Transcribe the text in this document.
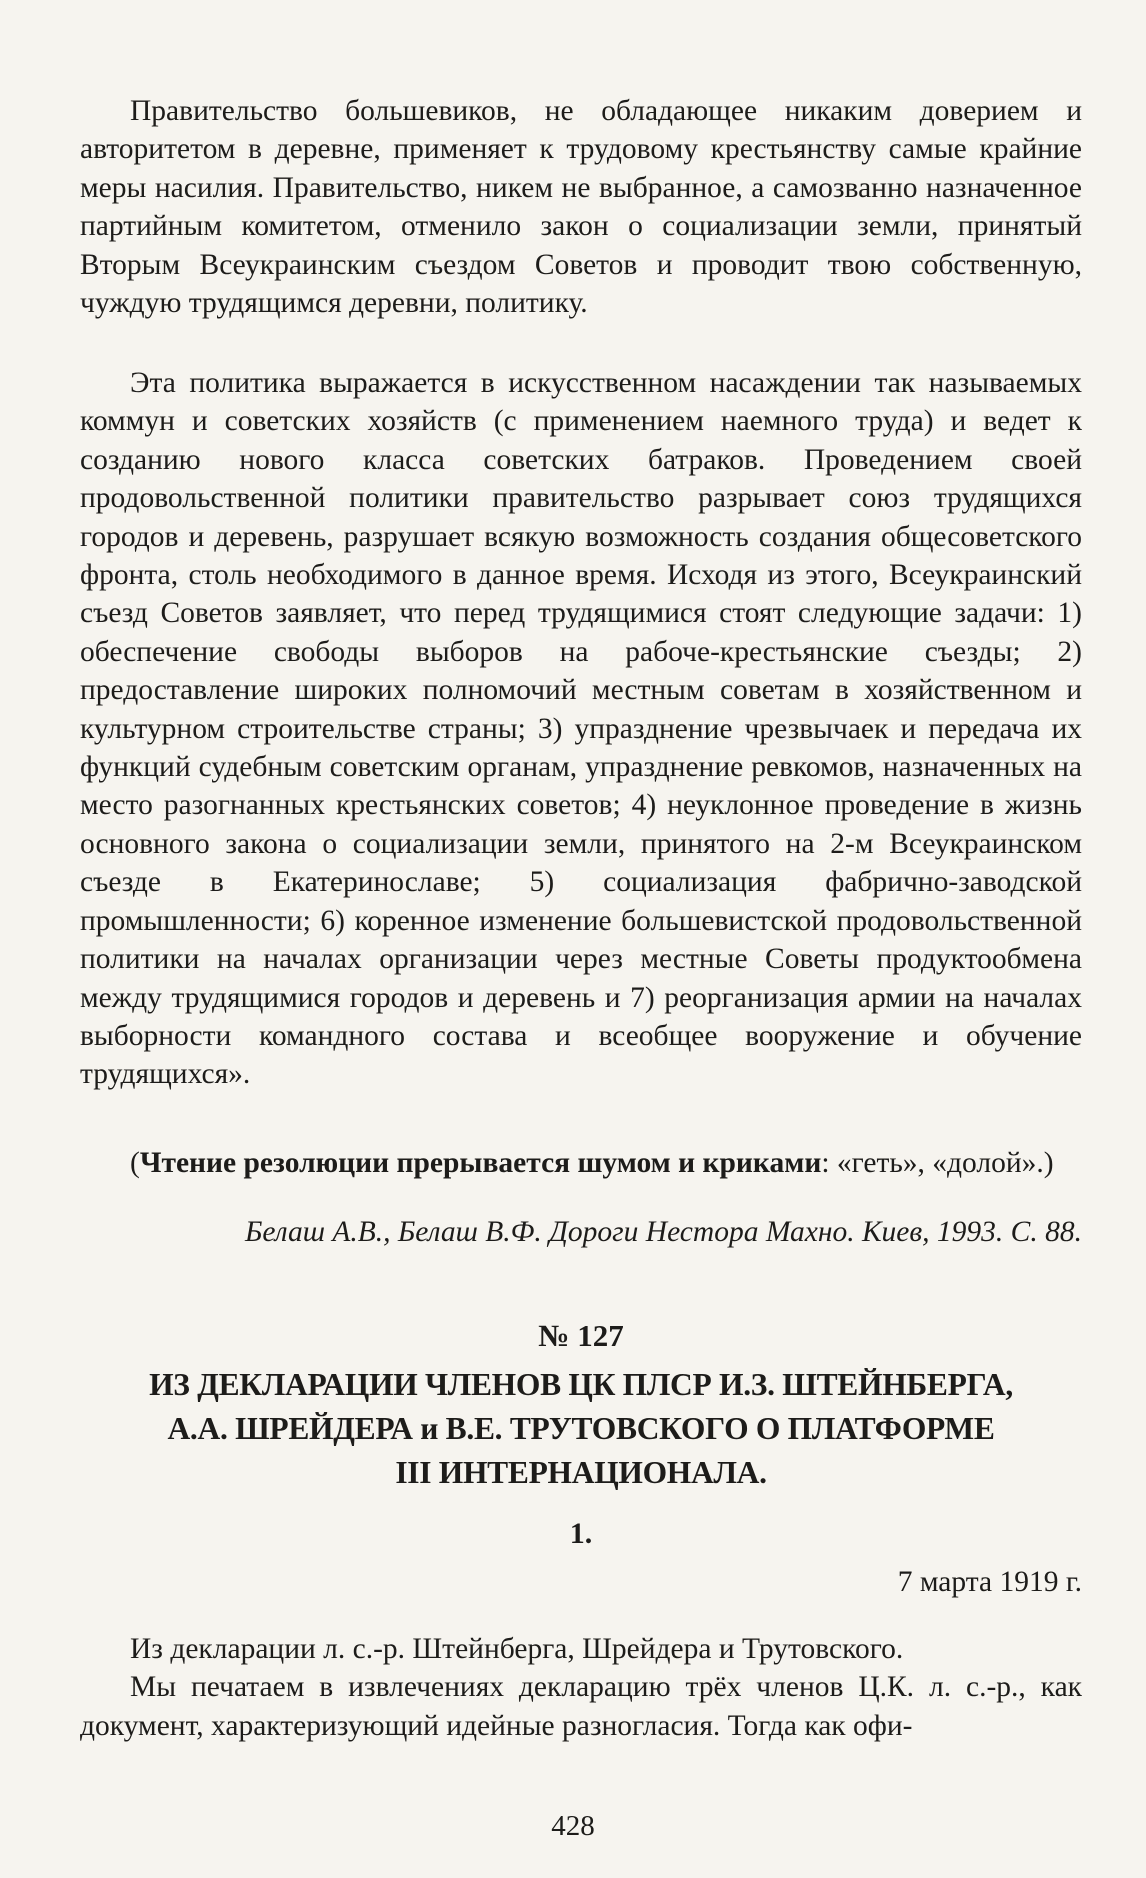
Правительство большевиков, не обладающее никаким доверием и авторитетом в деревне, применяет к трудовому крестьянству самые крайние меры насилия. Правительство, никем не выбранное, а самозванно назначенное партийным комитетом, отменило закон о социализации земли, принятый Вторым Всеукраинским съездом Советов и проводит твою собственную, чуждую трудящимся деревни, политику.
Эта политика выражается в искусственном насаждении так называемых коммун и советских хозяйств (с применением наемного труда) и ведет к созданию нового класса советских батраков. Проведением своей продовольственной политики правительство разрывает союз трудящихся городов и деревень, разрушает всякую возможность создания общесоветского фронта, столь необходимого в данное время. Исходя из этого, Всеукраинский съезд Советов заявляет, что перед трудящимися стоят следующие задачи: 1) обеспечение свободы выборов на рабоче-крестьянские съезды; 2) предоставление широких полномочий местным советам в хозяйственном и культурном строительстве страны; 3) упразднение чрезвычаек и передача их функций судебным советским органам, упразднение ревкомов, назначенных на место разогнанных крестьянских советов; 4) неуклонное проведение в жизнь основного закона о социализации земли, принятого на 2-м Всеукраинском съезде в Екатеринославе; 5) социализация фабрично-заводской промышленности; 6) коренное изменение большевистской продовольственной политики на началах организации через местные Советы продуктообмена между трудящимися городов и деревень и 7) реорганизация армии на началах выборности командного состава и всеобщее вооружение и обучение трудящихся».
(Чтение резолюции прерывается шумом и криками: «геть», «долой».)
Белаш А.В., Белаш В.Ф. Дороги Нестора Махно. Киев, 1993. С. 88.
№ 127
ИЗ ДЕКЛАРАЦИИ ЧЛЕНОВ ЦК ПЛСР И.З. ШТЕЙНБЕРГА,
А.А. ШРЕЙДЕРА и В.Е. ТРУТОВСКОГО О ПЛАТФОРМЕ
III ИНТЕРНАЦИОНАЛА.
1.
7 марта 1919 г.
Из декларации л. с.-р. Штейнберга, Шрейдера и Трутовского.
Мы печатаем в извлечениях декларацию трёх членов Ц.К. л. с.-р., как документ, характеризующий идейные разногласия. Тогда как офи-
428
